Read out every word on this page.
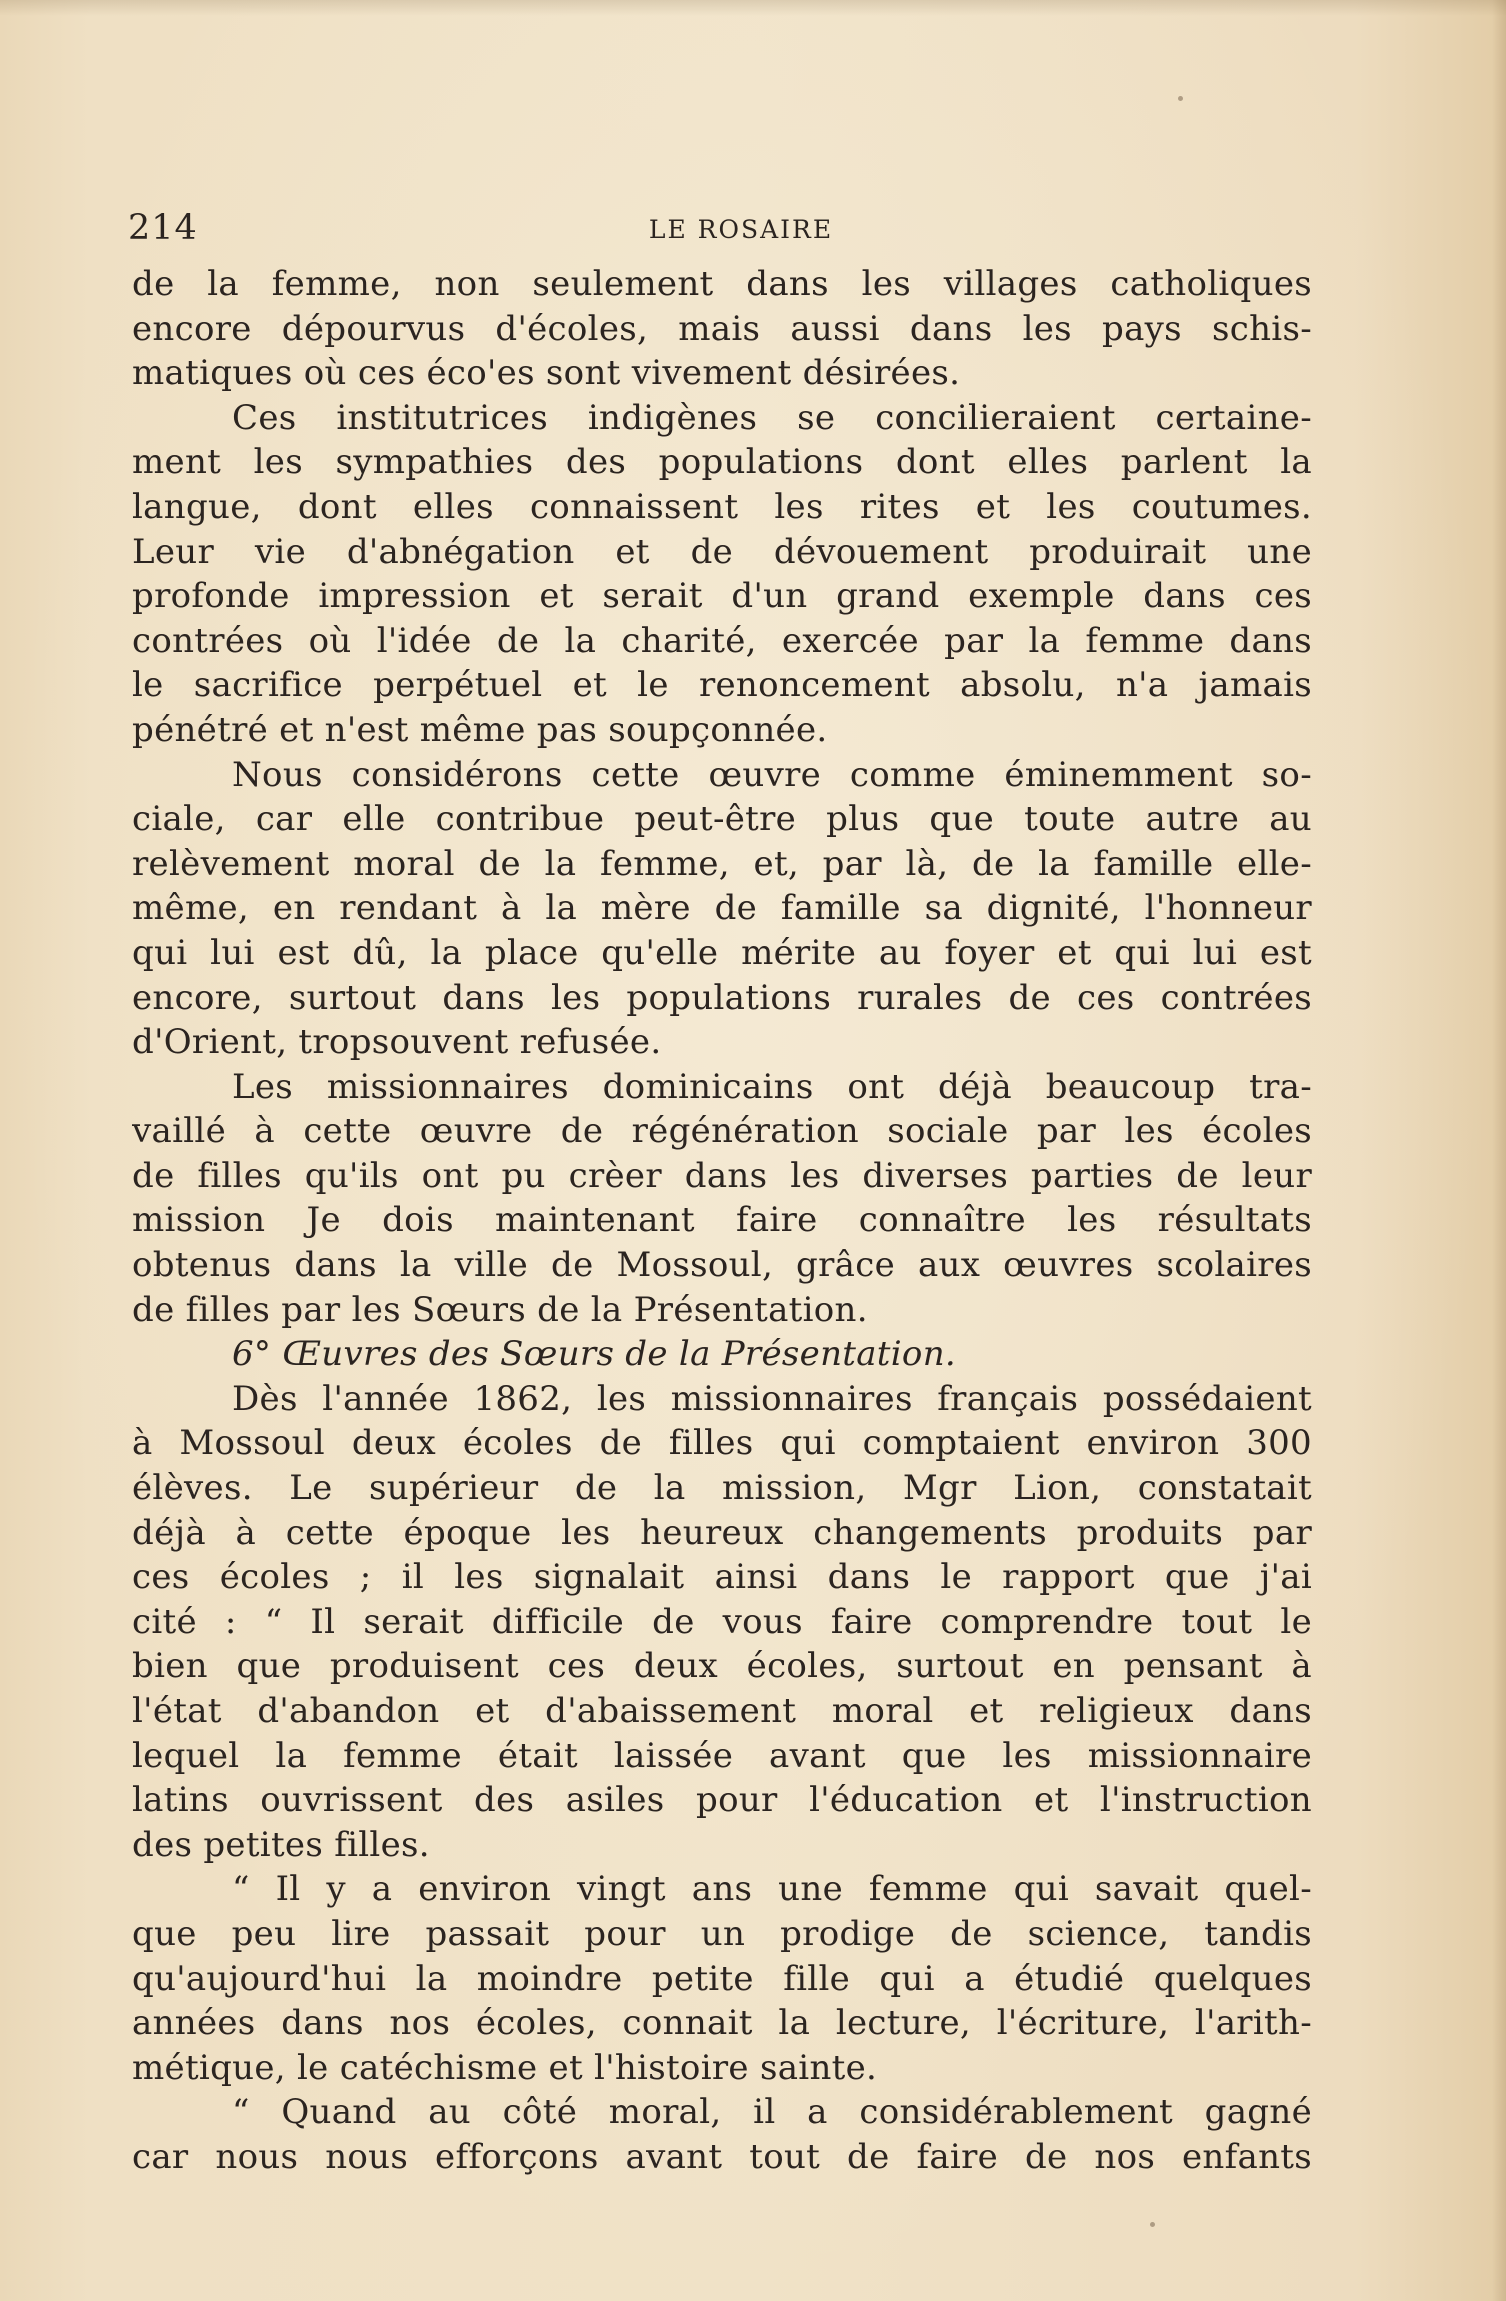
214	LE ROSAIRE
de la femme, non seulement dans les villages catholiques
encore dépourvus d'écoles, mais aussi dans les pays schis-
matiques où ces éco'es sont vivement désirées.
Ces institutrices indigènes se concilieraient certaine-
ment les sympathies des populations dont elles parlent la
langue, dont elles connaissent les rites et les coutumes.
Leur vie d'abnégation et de dévouement produirait une
profonde impression et serait d'un grand exemple dans ces
contrées où l'idée de la charité, exercée par la femme dans
le sacrifice perpétuel et le renoncement absolu, n'a jamais
pénétré et n'est même pas soupçonnée.
Nous considérons cette œuvre comme éminemment so-
ciale, car elle contribue peut-être plus que toute autre au
relèvement moral de la femme, et, par là, de la famille elle-
même, en rendant à la mère de famille sa dignité, l'honneur
qui lui est dû, la place qu'elle mérite au foyer et qui lui est
encore, surtout dans les populations rurales de ces contrées
d'Orient, tropsouvent refusée.
Les missionnaires dominicains ont déjà beaucoup tra-
vaillé à cette œuvre de régénération sociale par les écoles
de filles qu'ils ont pu crèer dans les diverses parties de leur
mission Je dois maintenant faire connaître les résultats
obtenus dans la ville de Mossoul, grâce aux œuvres scolaires
de filles par les Sœurs de la Présentation.
6° Œuvres des Sœurs de la Présentation.
Dès l'année 1862, les missionnaires français possédaient
à Mossoul deux écoles de filles qui comptaient environ 300
élèves. Le supérieur de la mission, Mgr Lion, constatait
déjà à cette époque les heureux changements produits par
ces écoles ; il les signalait ainsi dans le rapport que j'ai
cité : “ Il serait difficile de vous faire comprendre tout le
bien que produisent ces deux écoles, surtout en pensant à
l'état d'abandon et d'abaissement moral et religieux dans
lequel la femme était laissée avant que les missionnaire
latins ouvrissent des asiles pour l'éducation et l'instruction
des petites filles.
“ Il y a environ vingt ans une femme qui savait quel-
que peu lire passait pour un prodige de science, tandis
qu'aujourd'hui la moindre petite fille qui a étudié quelques
années dans nos écoles, connait la lecture, l'écriture, l'arith-
métique, le catéchisme et l'histoire sainte.
“ Quand au côté moral, il a considérablement gagné
car nous nous efforçons avant tout de faire de nos enfants
